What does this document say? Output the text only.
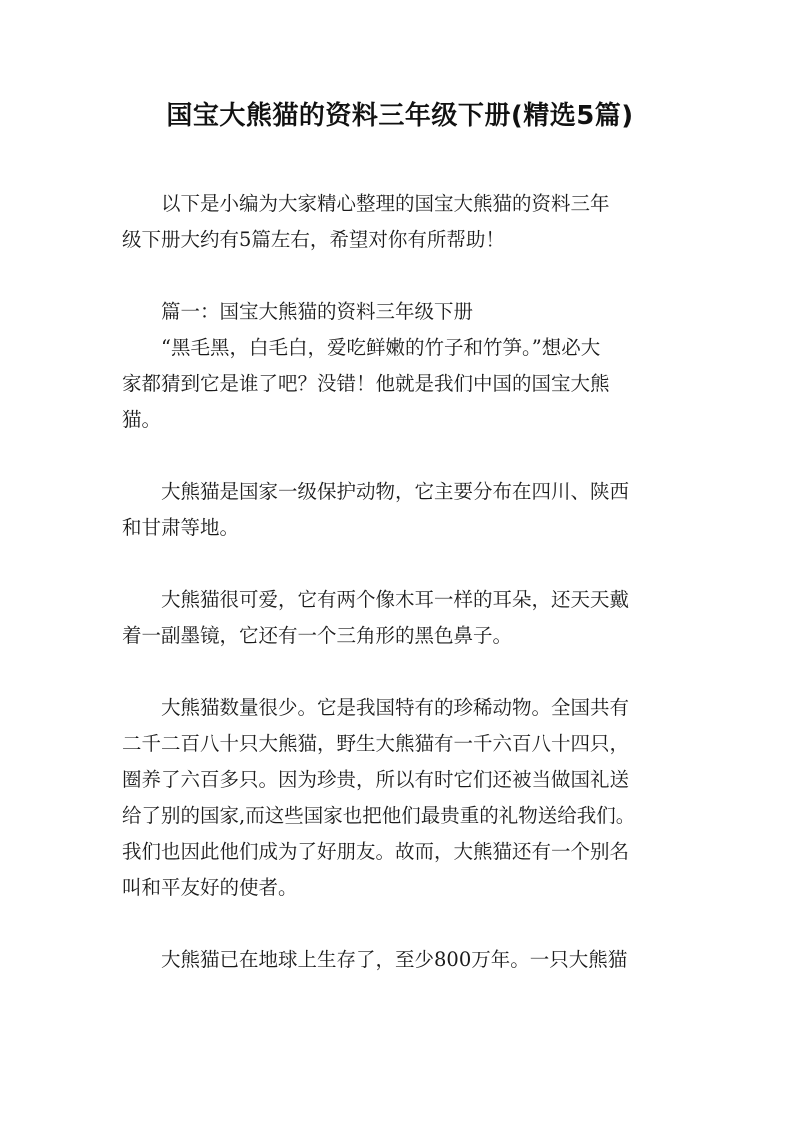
国宝大熊猫的资料三年级下册(精选5篇)

以下是小编为大家精心整理的国宝大熊猫的资料三年
级下册大约有5篇左右，希望对你有所帮助！

篇一：国宝大熊猫的资料三年级下册

“黑毛黑，白毛白，爱吃鲜嫩的竹子和竹笋。”想必大
家都猜到它是谁了吧？没错！他就是我们中国的国宝大熊
猫。

大熊猫是国家一级保护动物，它主要分布在四川、陕西
和甘肃等地。

大熊猫很可爱，它有两个像木耳一样的耳朵，还天天戴
着一副墨镜，它还有一个三角形的黑色鼻子。

大熊猫数量很少。它是我国特有的珍稀动物。全国共有
二千二百八十只大熊猫，野生大熊猫有一千六百八十四只，
圈养了六百多只。因为珍贵，所以有时它们还被当做国礼送
给了别的国家,而这些国家也把他们最贵重的礼物送给我们。
我们也因此他们成为了好朋友。故而，大熊猫还有一个别名
叫和平友好的使者。

大熊猫已在地球上生存了，至少800万年。一只大熊猫
